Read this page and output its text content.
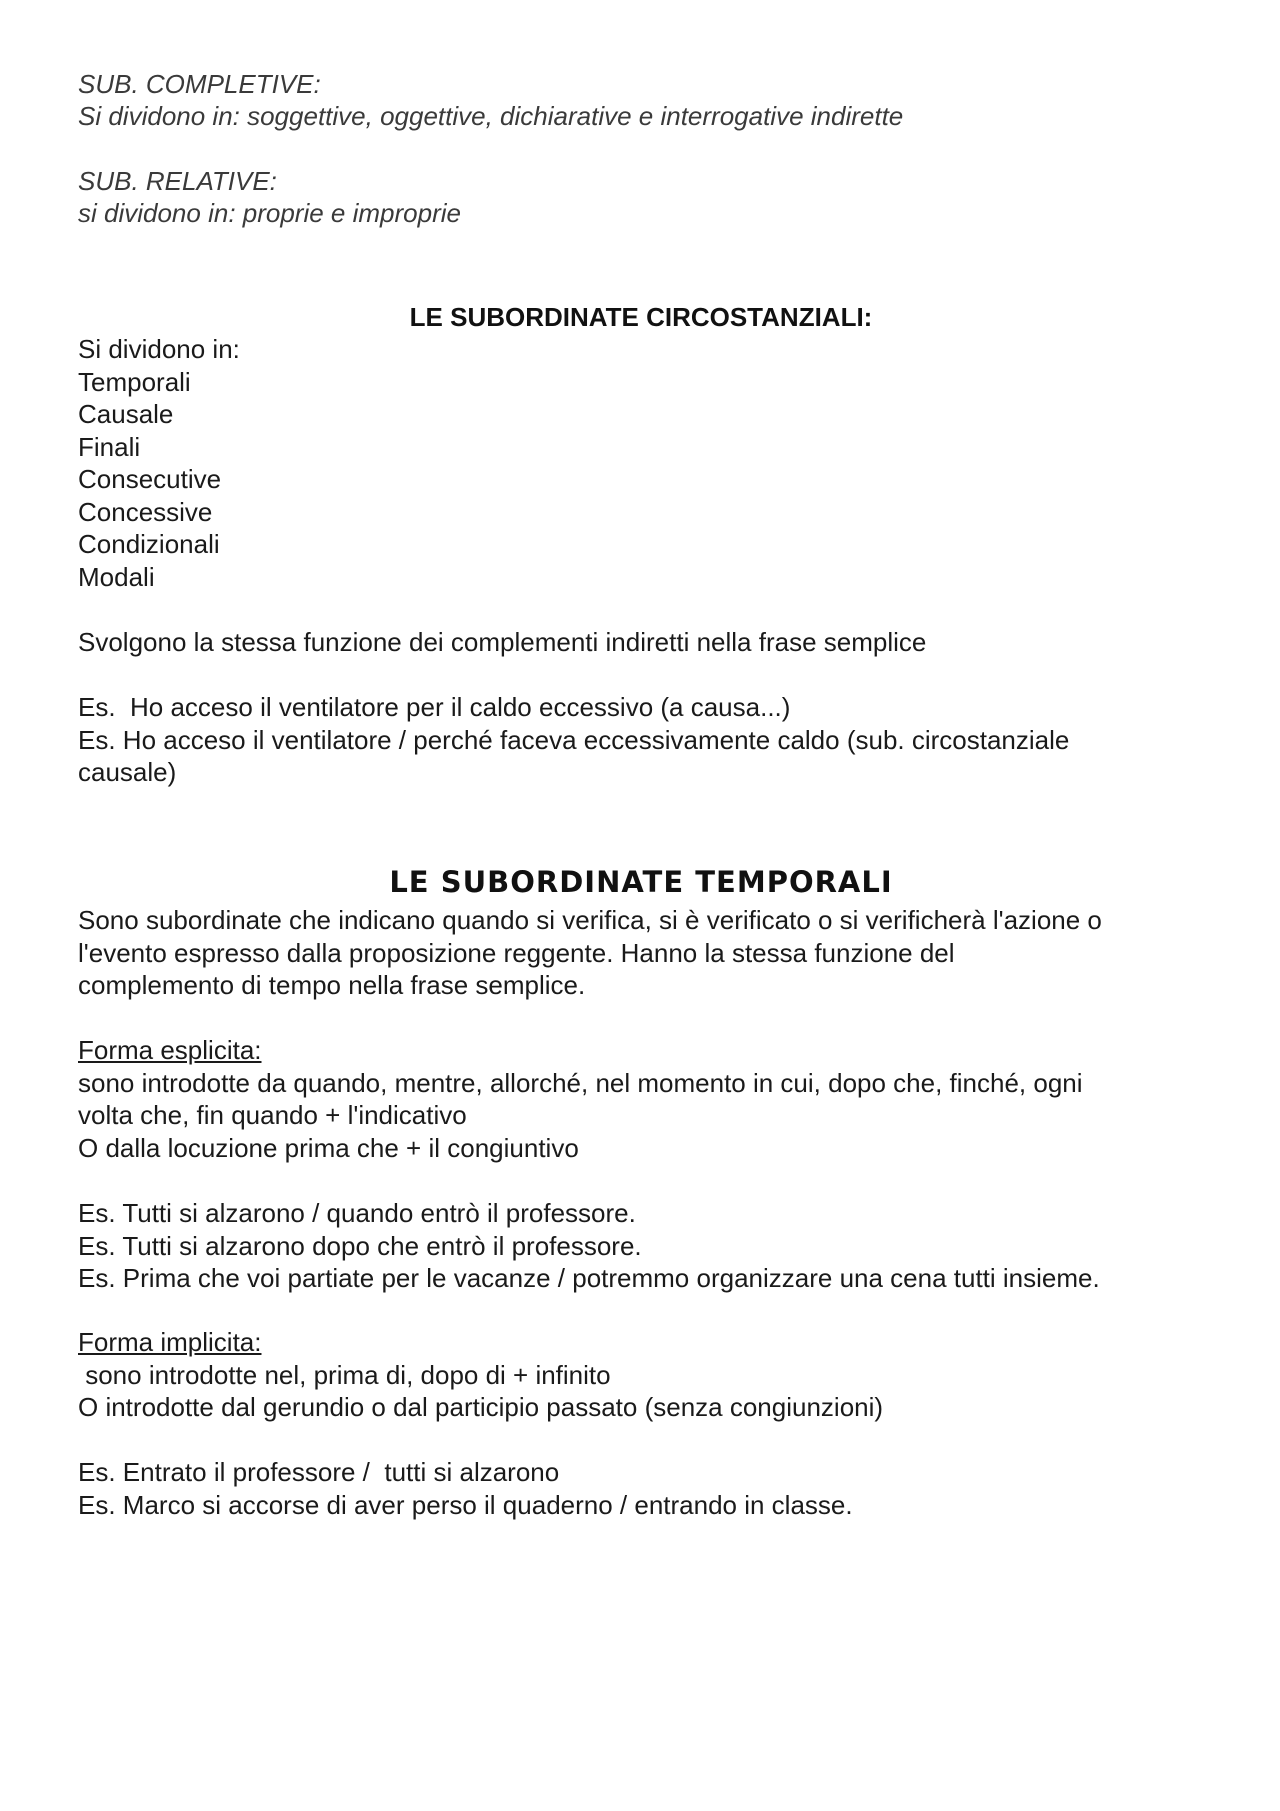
SUB. COMPLETIVE:
Si dividono in: soggettive, oggettive, dichiarative e interrogative indirette
SUB. RELATIVE:
si dividono in: proprie e improprie
LE SUBORDINATE CIRCOSTANZIALI:
Si dividono in:
Temporali
Causale
Finali
Consecutive
Concessive
Condizionali
Modali
Svolgono la stessa funzione dei complementi indiretti nella frase semplice
Es.  Ho acceso il ventilatore per il caldo eccessivo (a causa...)
Es. Ho acceso il ventilatore / perché faceva eccessivamente caldo (sub. circostanziale
causale)
LE SUBORDINATE TEMPORALI
Sono subordinate che indicano quando si verifica, si è verificato o si verificherà l'azione o
l'evento espresso dalla proposizione reggente. Hanno la stessa funzione del
complemento di tempo nella frase semplice.
Forma esplicita:
sono introdotte da quando, mentre, allorché, nel momento in cui, dopo che, finché, ogni
volta che, fin quando + l'indicativo
O dalla locuzione prima che + il congiuntivo
Es. Tutti si alzarono / quando entrò il professore.
Es. Tutti si alzarono dopo che entrò il professore.
Es. Prima che voi partiate per le vacanze / potremmo organizzare una cena tutti insieme.
Forma implicita:
sono introdotte nel, prima di, dopo di + infinito
O introdotte dal gerundio o dal participio passato (senza congiunzioni)
Es. Entrato il professore /  tutti si alzarono
Es. Marco si accorse di aver perso il quaderno / entrando in classe.
